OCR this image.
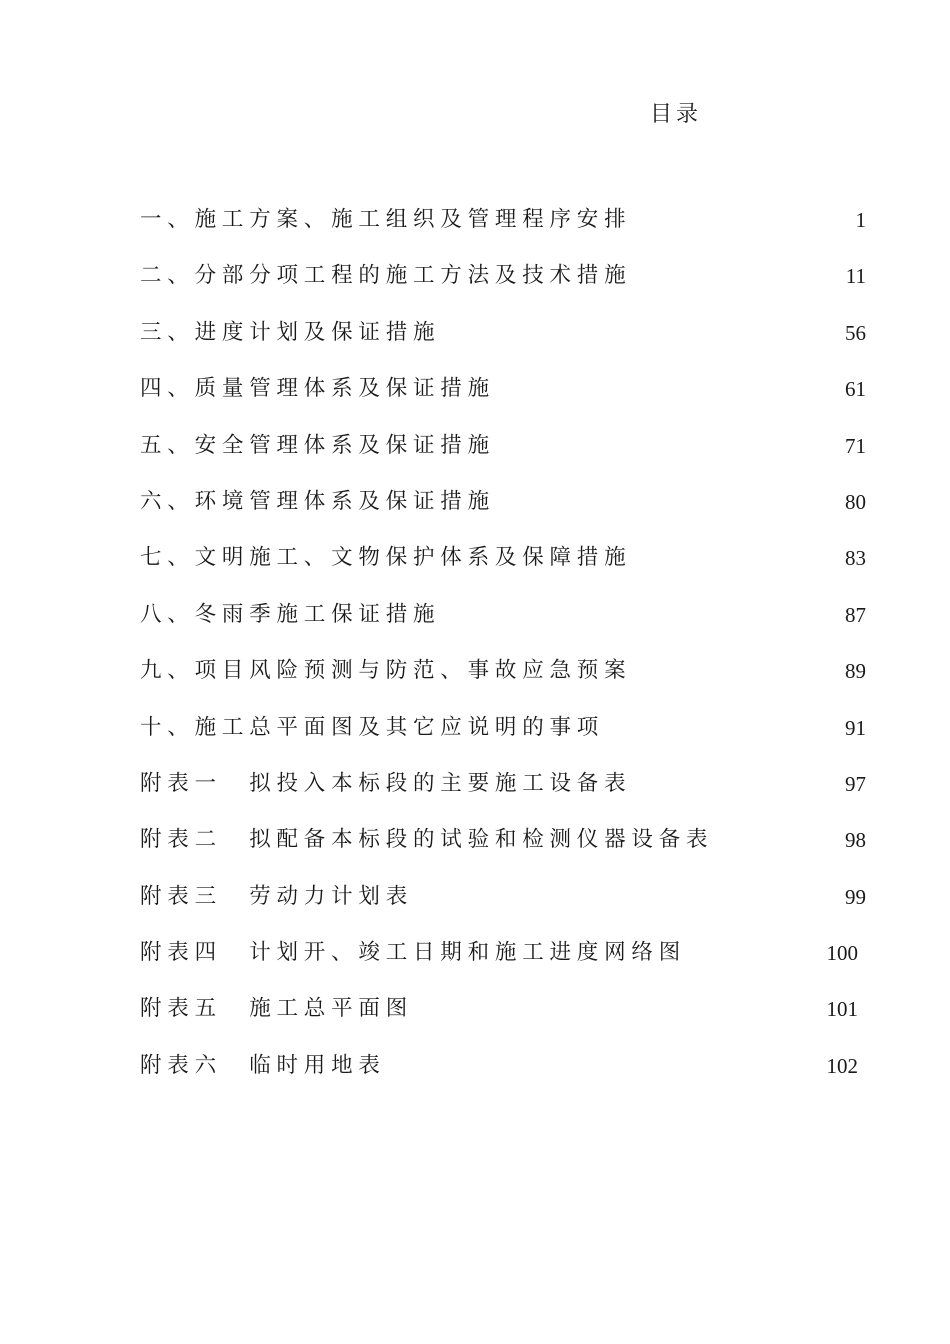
目录
一、施工方案、施工组织及管理程序安排	1
二、分部分项工程的施工方法及技术措施	11
三、进度计划及保证措施	56
四、质量管理体系及保证措施	61
五、安全管理体系及保证措施	71
六、环境管理体系及保证措施	80
七、文明施工、文物保护体系及保障措施	83
八、冬雨季施工保证措施	87
九、项目风险预测与防范、事故应急预案	89
十、施工总平面图及其它应说明的事项	91
附表一　拟投入本标段的主要施工设备表	97
附表二　拟配备本标段的试验和检测仪器设备表	98
附表三　劳动力计划表	99
附表四　计划开、竣工日期和施工进度网络图	100
附表五　施工总平面图	101
附表六　临时用地表	102
